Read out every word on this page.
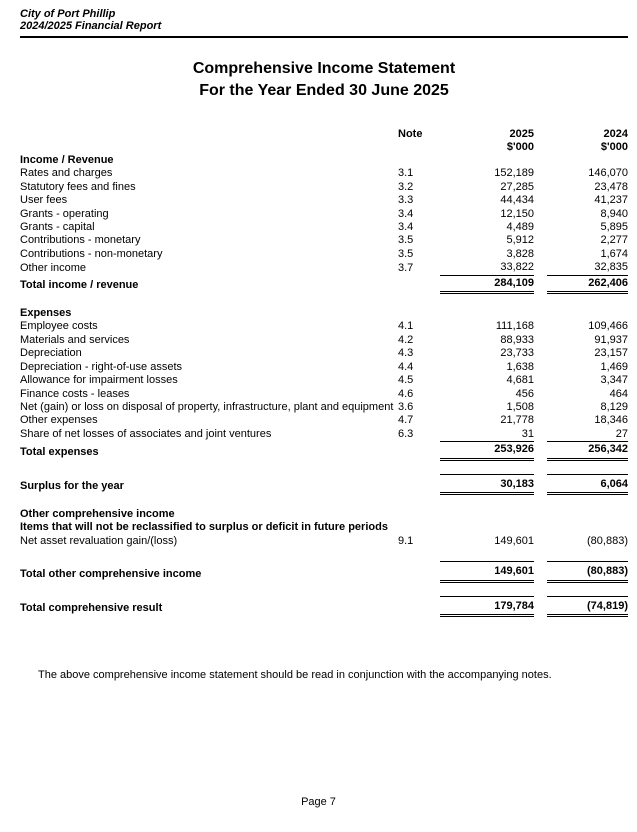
City of Port Phillip
2024/2025 Financial Report
Comprehensive Income Statement
For the Year Ended 30 June 2025
	Note	2025		2024
		$'000		$'000
Income / Revenue				
Rates and charges	3.1	152,189		146,070
Statutory fees and fines	3.2	27,285		23,478
User fees	3.3	44,434		41,237
Grants - operating	3.4	12,150		8,940
Grants - capital	3.4	4,489		5,895
Contributions - monetary	3.5	5,912		2,277
Contributions - non-monetary	3.5	3,828		1,674
Other income	3.7	33,822		32,835
Total income / revenue		284,109		262,406

Expenses				
Employee costs	4.1	111,168		109,466
Materials and services	4.2	88,933		91,937
Depreciation	4.3	23,733		23,157
Depreciation - right-of-use assets	4.4	1,638		1,469
Allowance for impairment losses	4.5	4,681		3,347
Finance costs - leases	4.6	456		464
Net (gain) or loss on disposal of property, infrastructure, plant and equipment	3.6	1,508		8,129
Other expenses	4.7	21,778		18,346
Share of net losses of associates and joint ventures	6.3	31		27
Total expenses		253,926		256,342

Surplus for the year		30,183		6,064

Other comprehensive income				
Items that will not be reclassified to surplus or deficit in future periods				
Net asset revaluation gain/(loss)	9.1	149,601		(80,883)

Total other comprehensive income		149,601		(80,883)

Total comprehensive result		179,784		(74,819)
The above comprehensive income statement should be read in conjunction with the accompanying notes.
Page 7
